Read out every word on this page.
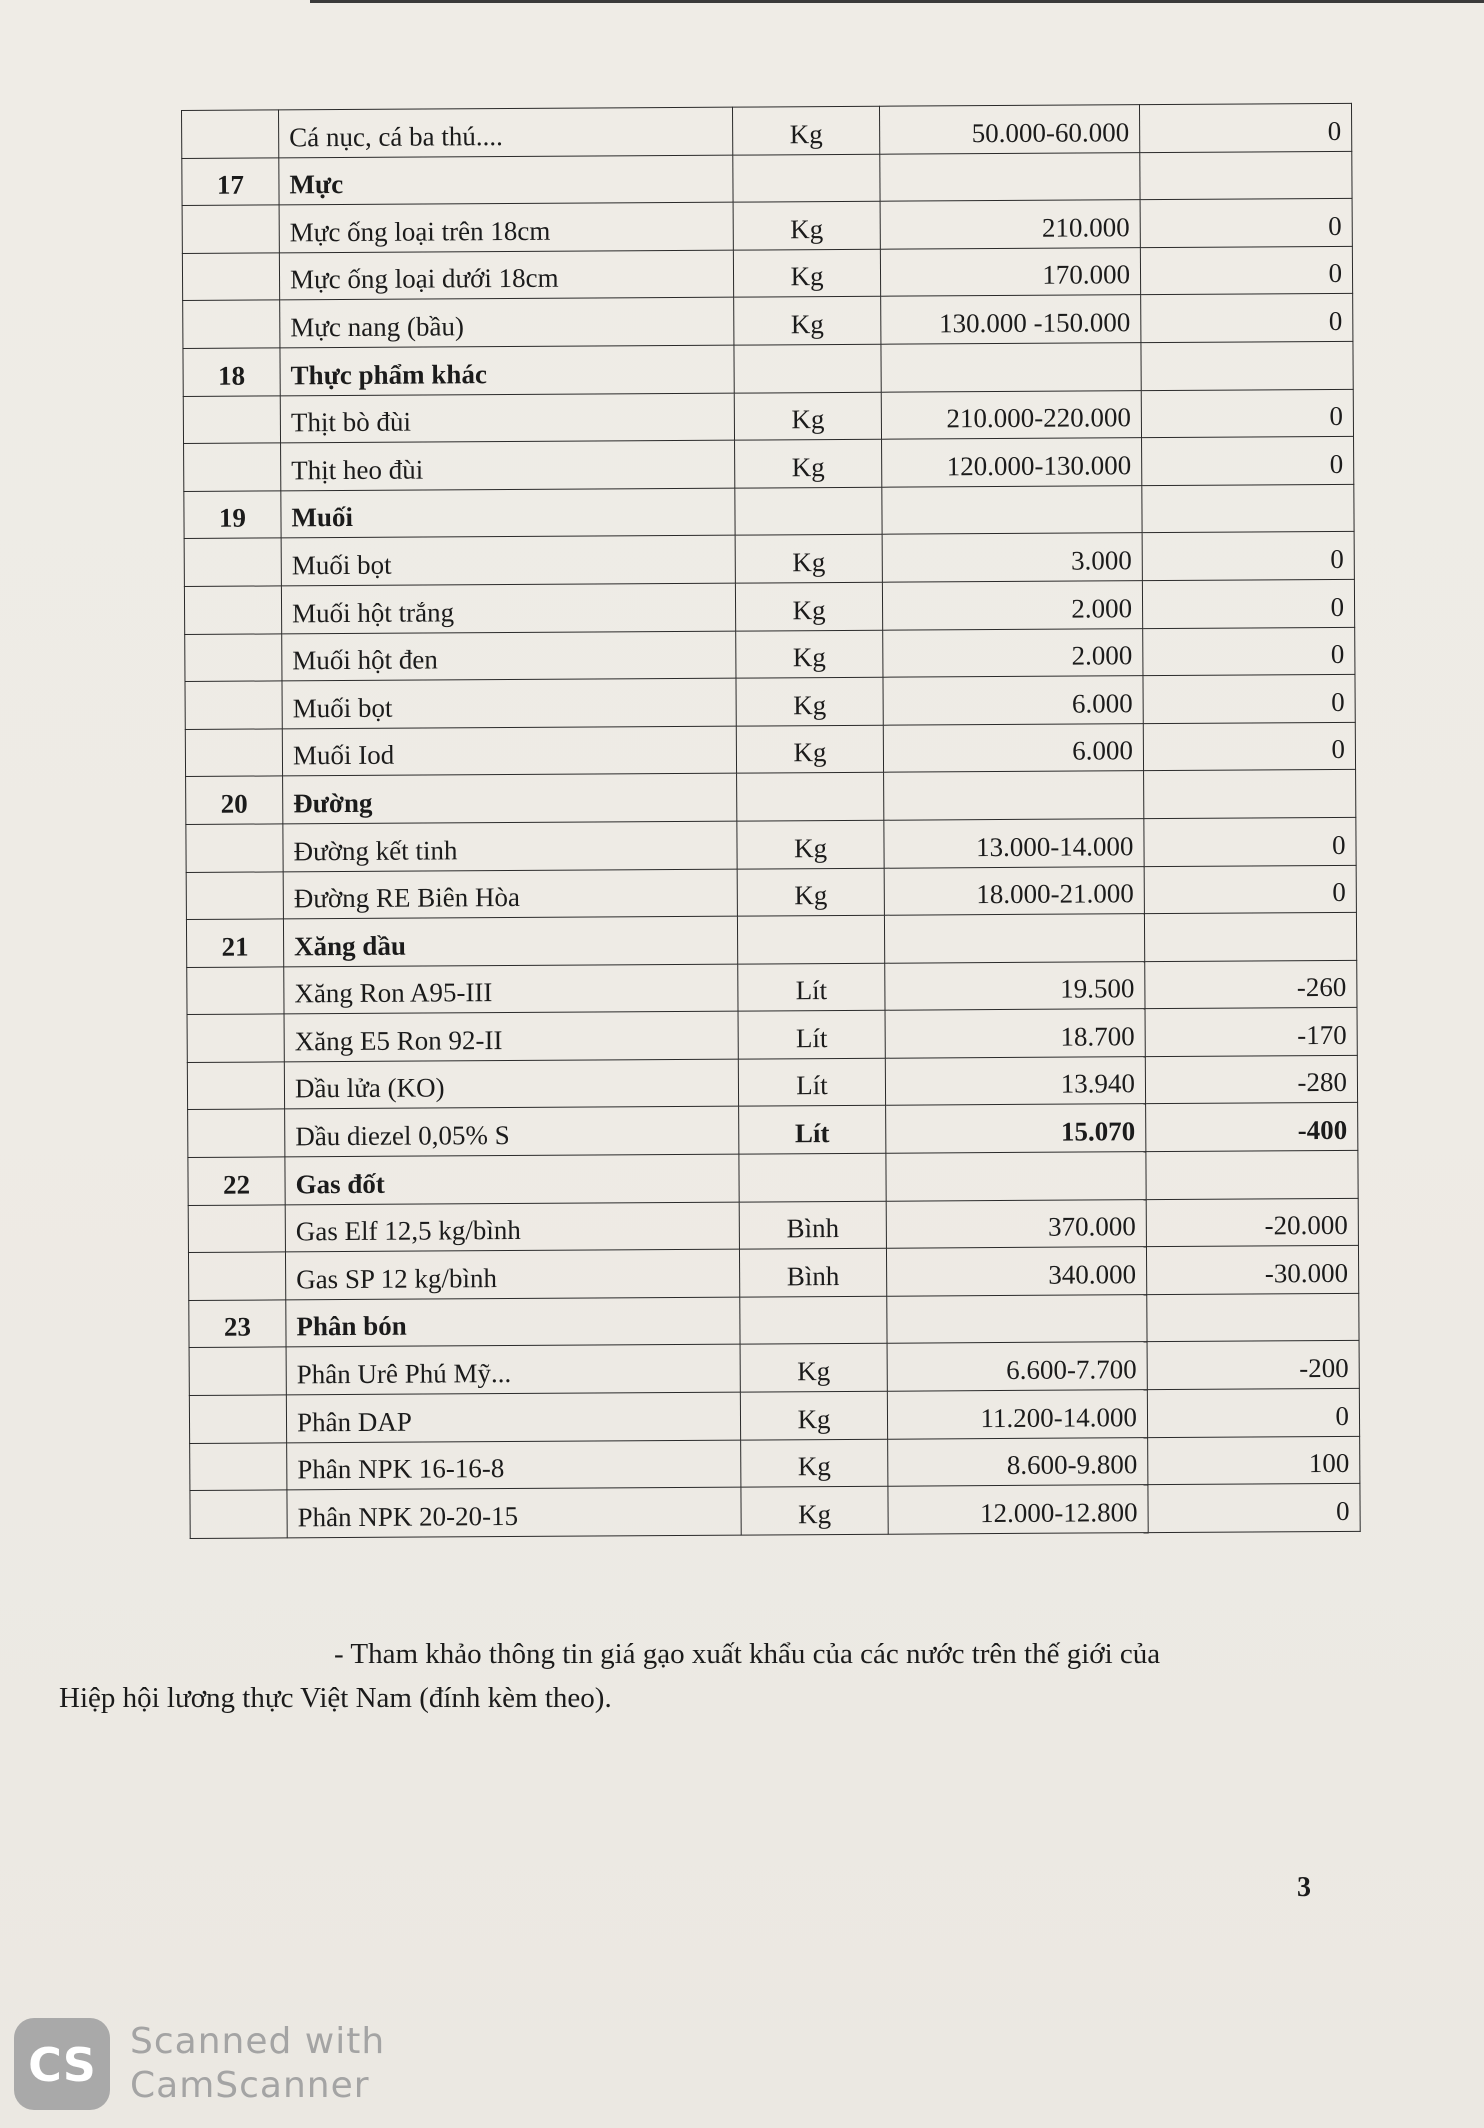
	Cá nục, cá ba thú....	Kg	50.000-60.000	0
17	Mực			
	Mực ống loại trên 18cm	Kg	210.000	0
	Mực ống loại dưới 18cm	Kg	170.000	0
	Mực nang (bầu)	Kg	130.000 -150.000	0
18	Thực phẩm khác			
	Thịt bò đùi	Kg	210.000-220.000	0
	Thịt heo đùi	Kg	120.000-130.000	0
19	Muối			
	Muối bọt	Kg	3.000	0
	Muối hột trắng	Kg	2.000	0
	Muối hột đen	Kg	2.000	0
	Muối bọt	Kg	6.000	0
	Muối Iod	Kg	6.000	0
20	Đường			
	Đường kết tinh	Kg	13.000-14.000	0
	Đường RE Biên Hòa	Kg	18.000-21.000	0
21	Xăng dầu			
	Xăng Ron A95-III	Lít	19.500	-260
	Xăng E5 Ron 92-II	Lít	18.700	-170
	Dầu lửa (KO)	Lít	13.940	-280
	Dầu diezel 0,05% S	Lít	15.070	-400
22	Gas đốt			
	Gas Elf 12,5 kg/bình	Bình	370.000	-20.000
	Gas SP 12 kg/bình	Bình	340.000	-30.000
23	Phân bón			
	Phân Urê Phú Mỹ...	Kg	6.600-7.700	-200
	Phân DAP	Kg	11.200-14.000	0
	Phân NPK 16-16-8	Kg	8.600-9.800	100
	Phân NPK 20-20-15	Kg	12.000-12.800	0
- Tham khảo thông tin giá gạo xuất khẩu của các nước trên thế giới của
Hiệp hội lương thực Việt Nam (đính kèm theo).
3
CS Scanned with
CamScanner
